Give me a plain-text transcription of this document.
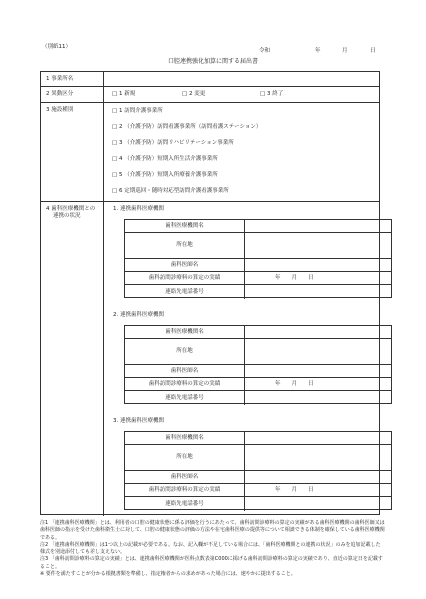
（別紙11）
令和	年	月	日
口腔連携強化加算に関する届出書
1 事業所名
2 異動区分	□ 1 新規	□ 2 変更	□ 3 終了
3 施設種別	□ 1 訪問介護事業所
□ 2 （介護予防）訪問看護事業所（訪問看護ステーション）
□ 3 （介護予防）訪問リハビリテーション事業所
□ 4 （介護予防）短期入所生活介護事業所
□ 5 （介護予防）短期入所療養介護事業所
□ 6 定期巡回・随時対応型訪問介護看護事業所
4 歯科医療機関との
連携の状況
1. 連携歯科医療機関
歯科医療機関名
所在地
歯科医師名
歯科訪問診療料の算定の実績	年　　月　　日
連絡先電話番号
2. 連携歯科医療機関
歯科医療機関名
所在地
歯科医師名
歯科訪問診療料の算定の実績	年　　月　　日
連絡先電話番号
3. 連携歯科医療機関
歯科医療機関名
所在地
歯科医師名
歯科訪問診療料の算定の実績	年　　月　　日
連絡先電話番号
注1 「連携歯科医療機関」とは、利用者の口腔の健康状態に係る評価を行うにあたって、歯科訪問診療料の算定の実績がある歯科医療機関の歯科医師又は歯科医師の指示を受けた歯科衛生士に対して、口腔の健康状態の評価の方法や在宅歯科医療の提供等について相談できる体制を確保している歯科医療機関である。
注2 「連携歯科医療機関」は1つ以上の記載が必要である。なお、記入欄が不足している場合には、「歯科医療機関との連携の状況」のみを追加記載した様式を別途添付しても差し支えない。
注3 「歯科訪問診療料の算定の実績」とは、連携歯科医療機関が医科点数表第C000に掲げる歯科訪問診療料の算定の実績であり、直近の算定日を記載すること。
※ 要件を満たすことが分かる根拠書類を準備し、指定権者からの求めがあった場合には、速やかに提出すること。
